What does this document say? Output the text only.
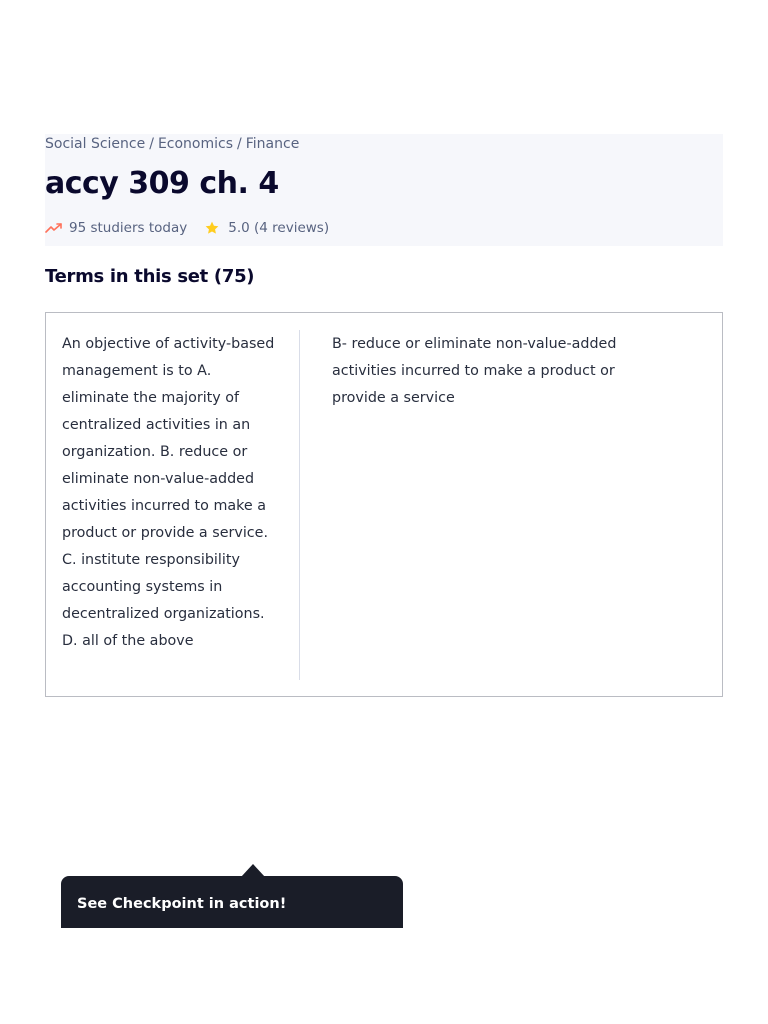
Social Science / Economics / Finance
accy 309 ch. 4
95 studiers today	5.0 (4 reviews)
Terms in this set (75)
An objective of activity-based management is to A. eliminate the majority of centralized activities in an organization. B. reduce or eliminate non-value-added activities incurred to make a product or provide a service. C. institute responsibility accounting systems in decentralized organizations. D. all of the above
B- reduce or eliminate non-value-added activities incurred to make a product or provide a service
See Checkpoint in action!
